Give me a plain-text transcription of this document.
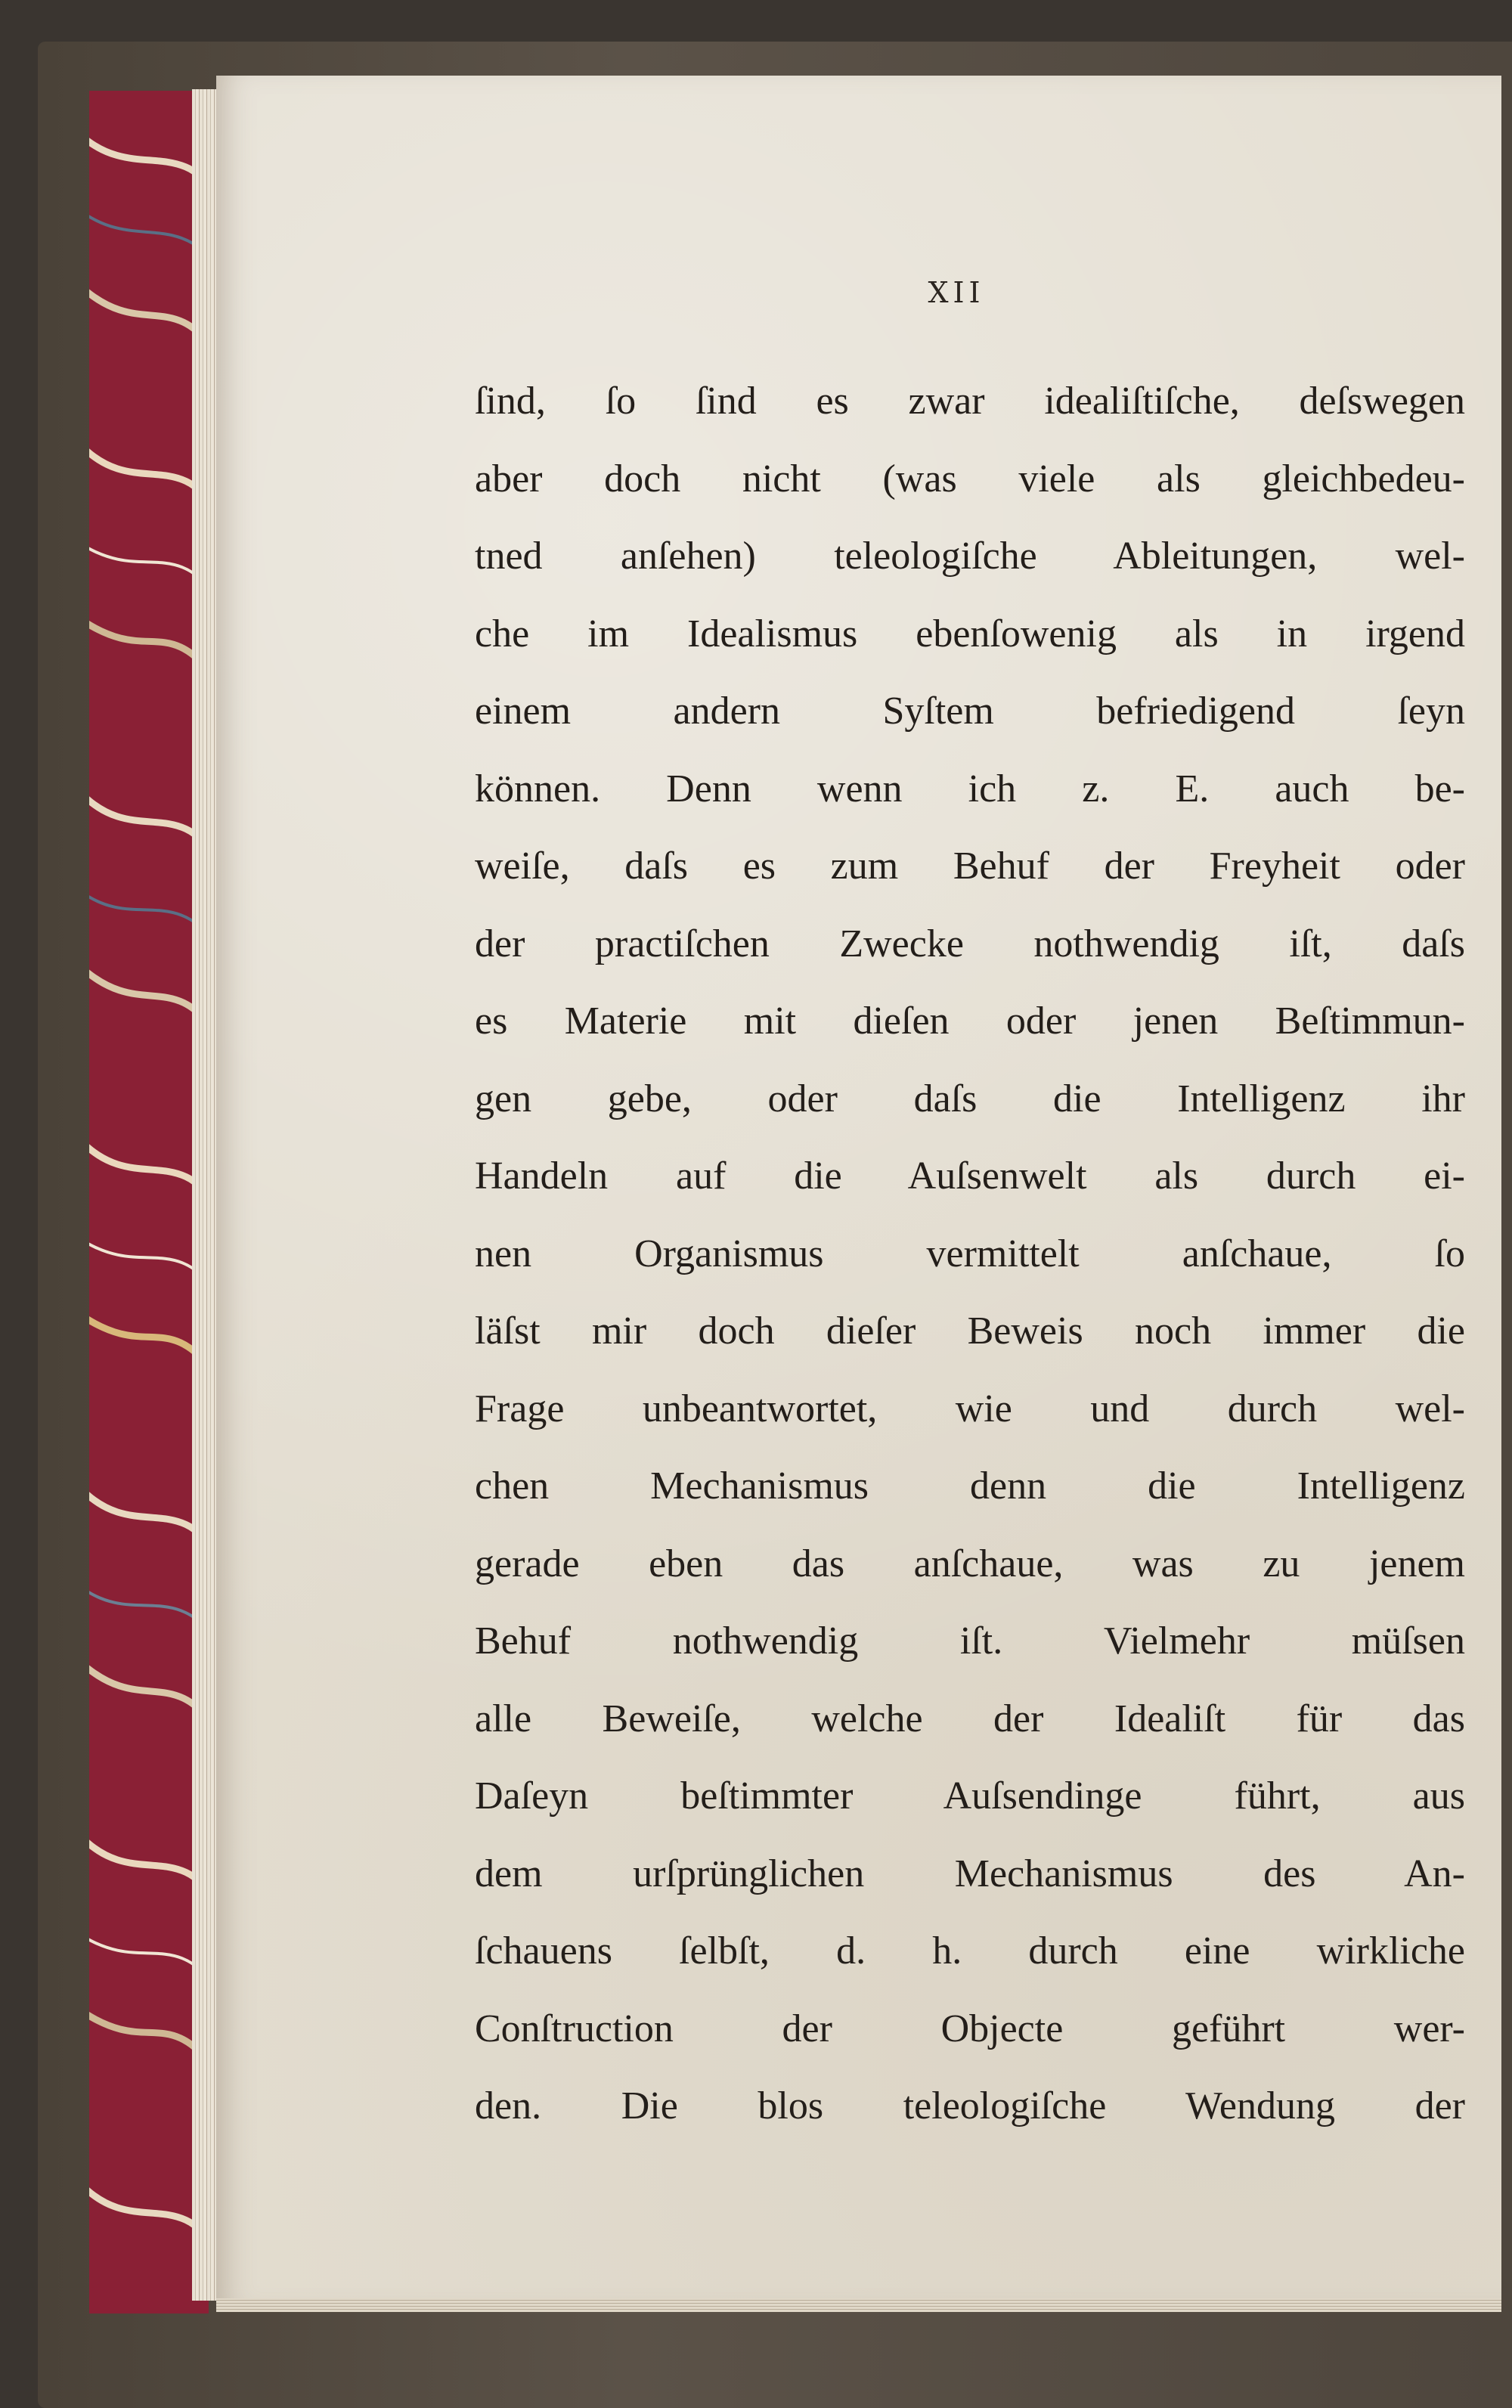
XII
ſind, ſo ſind es zwar idealiſtiſche, deſswegen
aber doch nicht (was viele als gleichbedeu-
tned anſehen) teleologiſche Ableitungen, wel-
che im Idealismus ebenſowenig als in irgend
einem andern Syſtem befriedigend ſeyn
können. Denn wenn ich z. E. auch be-
weiſe, daſs es zum Behuf der Freyheit oder
der practiſchen Zwecke nothwendig iſt, daſs
es Materie mit dieſen oder jenen Beſtimmun-
gen gebe, oder daſs die Intelligenz ihr
Handeln auf die Auſsenwelt als durch ei-
nen Organismus vermittelt anſchaue, ſo
läſst mir doch dieſer Beweis noch immer die
Frage unbeantwortet, wie und durch wel-
chen Mechanismus denn die Intelligenz
gerade eben das anſchaue, was zu jenem
Behuf nothwendig iſt. Vielmehr müſsen
alle Beweiſe, welche der Idealiſt für das
Daſeyn beſtimmter Auſsendinge führt, aus
dem urſprünglichen Mechanismus des An-
ſchauens ſelbſt, d. h. durch eine wirkliche
Conſtruction der Objecte geführt wer-
den. Die blos teleologiſche Wendung der
